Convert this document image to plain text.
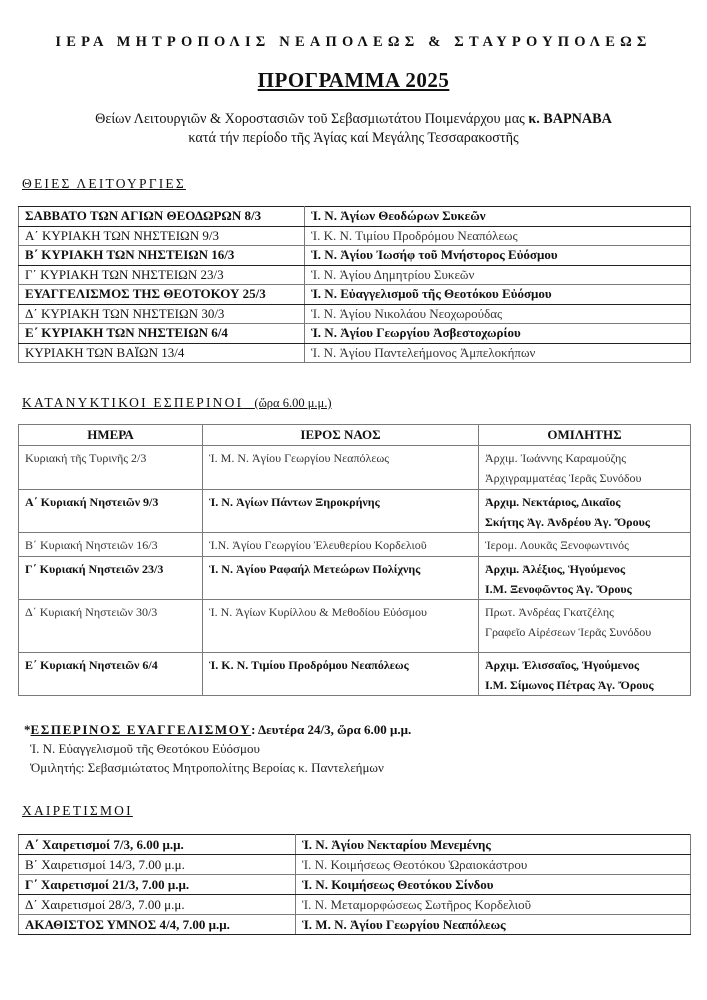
ΙΕΡΑ ΜΗΤΡΟΠΟΛΙΣ ΝΕΑΠΟΛΕΩΣ & ΣΤΑΥΡΟΥΠΟΛΕΩΣ
ΠΡΟΓΡΑΜΜΑ 2025
Θείων Λειτουργιῶν & Χοροστασιῶν τοῦ Σεβασμιωτάτου Ποιμενάρχου μας κ. ΒΑΡΝΑΒΑ
κατά τήν περίοδο τῆς Ἁγίας καί Μεγάλης Τεσσαρακοστῆς
ΘΕΙΕΣ ΛΕΙΤΟΥΡΓΙΕΣ
ΣΑΒΒΑΤΟ ΤΩΝ ΑΓΙΩΝ ΘΕΟΔΩΡΩΝ 8/3	Ἱ. Ν. Ἁγίων Θεοδώρων Συκεῶν
Α΄ ΚΥΡΙΑΚΗ ΤΩΝ ΝΗΣΤΕΙΩΝ 9/3	Ἱ. Κ. Ν. Τιμίου Προδρόμου Νεαπόλεως
Β΄ ΚΥΡΙΑΚΗ ΤΩΝ ΝΗΣΤΕΙΩΝ 16/3	Ἱ. Ν. Ἁγίου Ἰωσήφ τοῦ Μνήστορος Εὐόσμου
Γ΄ ΚΥΡΙΑΚΗ ΤΩΝ ΝΗΣΤΕΙΩΝ 23/3	Ἱ. Ν. Ἁγίου Δημητρίου Συκεῶν
ΕΥΑΓΓΕΛΙΣΜΟΣ ΤΗΣ ΘΕΟΤΟΚΟΥ 25/3	Ἱ. Ν. Εὐαγγελισμοῦ τῆς Θεοτόκου Εὐόσμου
Δ΄ ΚΥΡΙΑΚΗ ΤΩΝ ΝΗΣΤΕΙΩΝ 30/3	Ἱ. Ν. Ἁγίου Νικολάου Νεοχωρούδας
Ε΄ ΚΥΡΙΑΚΗ ΤΩΝ ΝΗΣΤΕΙΩΝ 6/4	Ἱ. Ν. Ἁγίου Γεωργίου Ἀσβεστοχωρίου
ΚΥΡΙΑΚΗ ΤΩΝ ΒΑΪΩΝ 13/4	Ἱ. Ν. Ἁγίου Παντελεήμονος Ἀμπελοκήπων
ΚΑΤΑΝΥΚΤΙΚΟΙ ΕΣΠΕΡΙΝΟΙ (ὥρα 6.00 μ.μ.)
ΗΜΕΡΑ	ΙΕΡΟΣ ΝΑΟΣ	ΟΜΙΛΗΤΗΣ
Κυριακή τῆς Τυρινῆς 2/3	Ἱ. Μ. Ν. Ἁγίου Γεωργίου Νεαπόλεως	Ἀρχιμ. Ἰωάννης Καραμούζης
Ἀρχιγραμματέας Ἱερᾶς Συνόδου

Α΄ Κυριακή Νηστειῶν 9/3	Ἱ. Ν. Ἁγίων Πάντων Ξηροκρήνης	Ἀρχιμ. Νεκτάριος, Δικαῖος
Σκήτης Ἁγ. Ἀνδρέου Ἁγ. Ὄρους

Β΄ Κυριακή Νηστειῶν 16/3	Ἱ.Ν. Ἁγίου Γεωργίου Ἐλευθερίου Κορδελιοῦ	Ἱερομ. Λουκᾶς Ξενοφωντινός

Γ΄ Κυριακή Νηστειῶν 23/3	Ἱ. Ν. Ἁγίου Ραφαήλ Μετεώρων Πολίχνης	Ἀρχιμ. Ἀλέξιος, Ἡγούμενος
Ι.Μ. Ξενοφῶντος Ἁγ. Ὄρους

Δ΄ Κυριακή Νηστειῶν 30/3	Ἱ. Ν. Ἁγίων Κυρίλλου & Μεθοδίου Εὐόσμου	Πρωτ. Ἀνδρέας Γκατζέλης
Γραφεῖο Αἱρέσεων Ἱερᾶς Συνόδου

Ε΄ Κυριακή Νηστειῶν 6/4	Ἱ. Κ. Ν. Τιμίου Προδρόμου Νεαπόλεως	Ἀρχιμ. Ἐλισσαῖος, Ἡγούμενος
Ι.Μ. Σίμωνος Πέτρας Ἁγ. Ὄρους
*ΕΣΠΕΡΙΝΟΣ ΕΥΑΓΓΕΛΙΣΜΟΥ: Δευτέρα 24/3, ὥρα 6.00 μ.μ.
Ἱ. Ν. Εὐαγγελισμοῦ τῆς Θεοτόκου Εὐόσμου
Ὁμιλητής: Σεβασμιώτατος Μητροπολίτης Βεροίας κ. Παντελεήμων
ΧΑΙΡΕΤΙΣΜΟΙ
Α΄ Χαιρετισμοί 7/3, 6.00 μ.μ.	Ἱ. Ν. Ἁγίου Νεκταρίου Μενεμένης
Β΄ Χαιρετισμοί 14/3, 7.00 μ.μ.	Ἱ. Ν. Κοιμήσεως Θεοτόκου Ὡραιοκάστρου
Γ΄ Χαιρετισμοί 21/3, 7.00 μ.μ.	Ἱ. Ν. Κοιμήσεως Θεοτόκου Σίνδου
Δ΄ Χαιρετισμοί 28/3, 7.00 μ.μ.	Ἱ. Ν. Μεταμορφώσεως Σωτῆρος Κορδελιοῦ
ΑΚΑΘΙΣΤΟΣ ΥΜΝΟΣ 4/4, 7.00 μ.μ.	Ἱ. Μ. Ν. Ἁγίου Γεωργίου Νεαπόλεως
